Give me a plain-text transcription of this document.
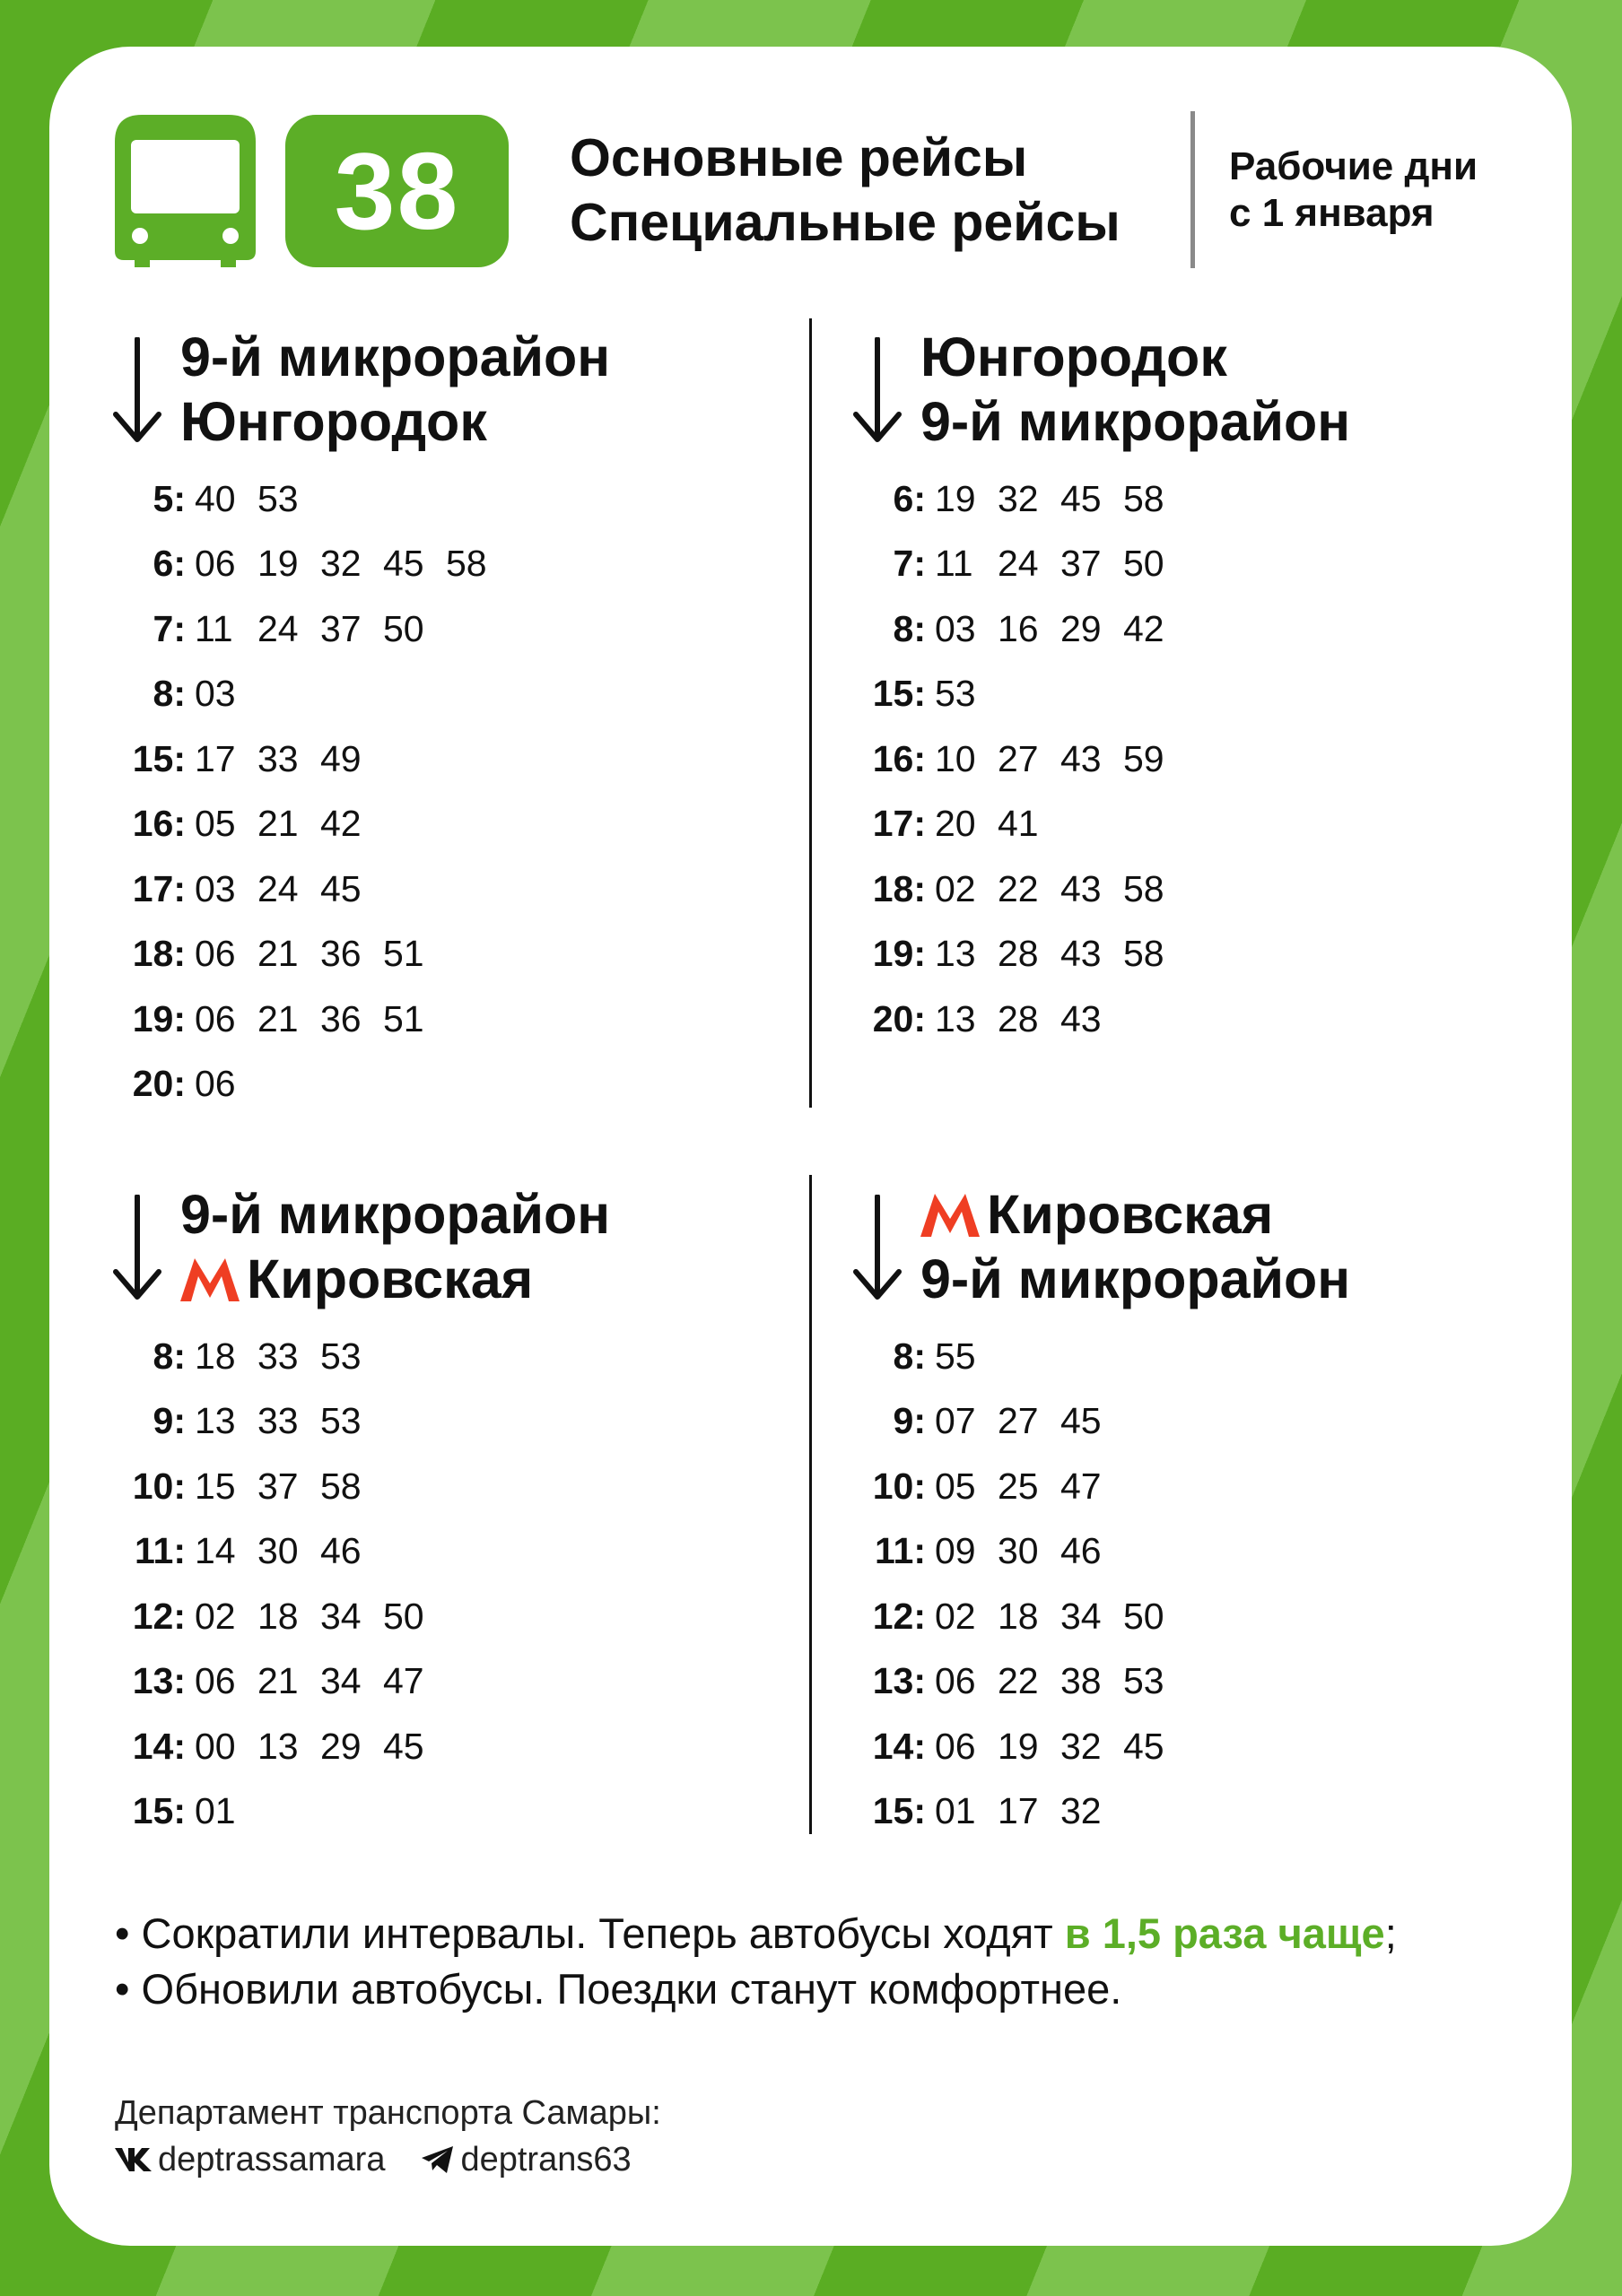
38	Основные рейсы
Специальные рейсы
Рабочие дни
с 1 января
9-й микрорайон
Юнгородок
5: 40 53
6: 06 19 32 45 58
7: 11 24 37 50
8: 03
15: 17 33 49
16: 05 21 42
17: 03 24 45
18: 06 21 36 51
19: 06 21 36 51
20: 06
Юнгородок
9-й микрорайон
6: 19 32 45 58
7: 11 24 37 50
8: 03 16 29 42
15: 53
16: 10 27 43 59
17: 20 41
18: 02 22 43 58
19: 13 28 43 58
20: 13 28 43
9-й микрорайон
Кировская
8: 18 33 53
9: 13 33 53
10: 15 37 58
11: 14 30 46
12: 02 18 34 50
13: 06 21 34 47
14: 00 13 29 45
15: 01
Кировская
9-й микрорайон
8: 55
9: 07 27 45
10: 05 25 47
11: 09 30 46
12: 02 18 34 50
13: 06 22 38 53
14: 06 19 32 45
15: 01 17 32
• Сократили интервалы. Теперь автобусы ходят в 1,5 раза чаще;
• Обновили автобусы. Поездки станут комфортнее.
Департамент транспорта Самары:
deptrassamara deptrans63
